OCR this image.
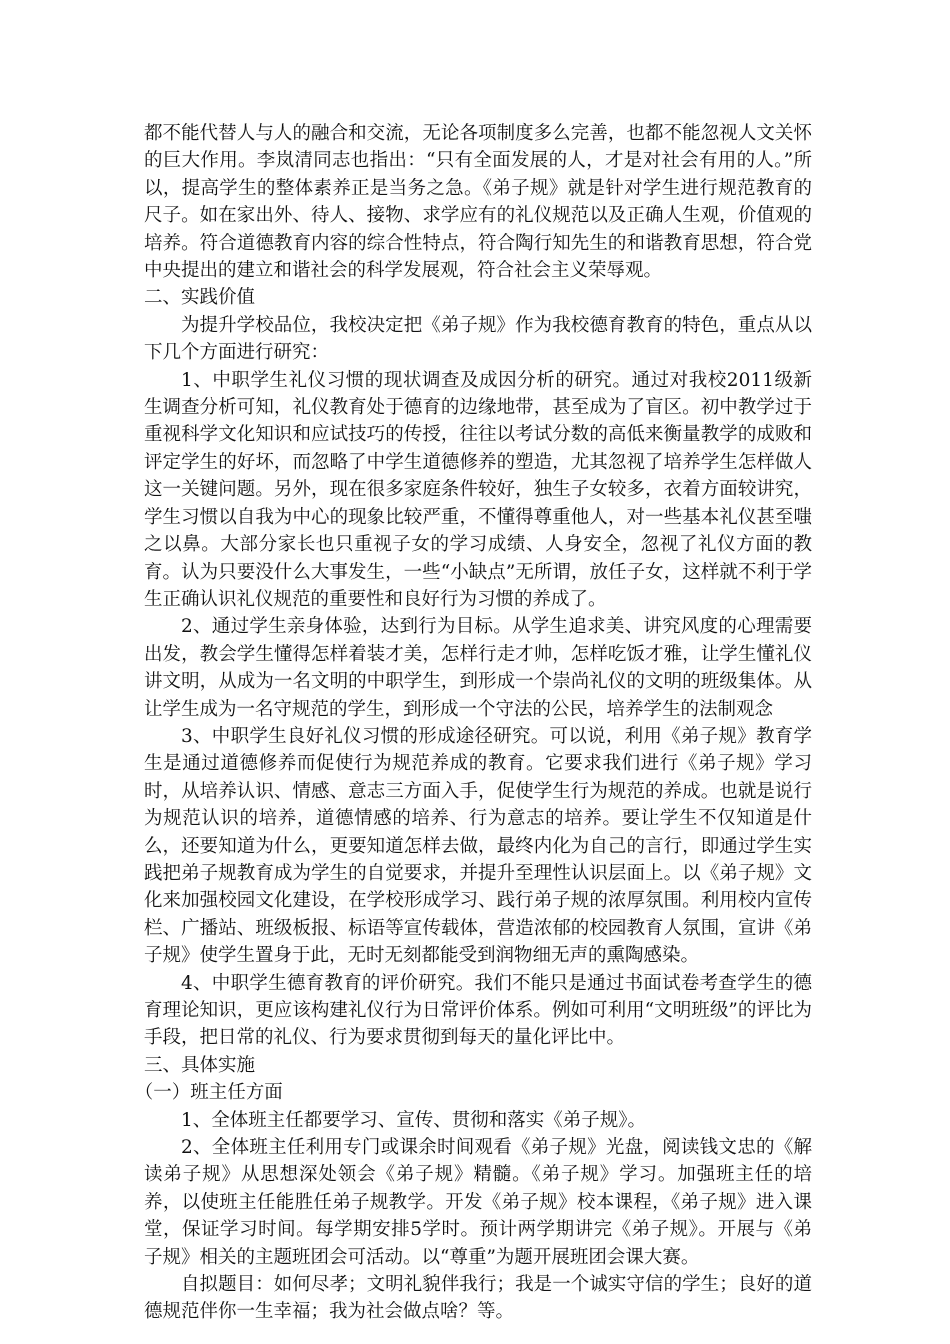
都不能代替人与人的融合和交流，无论各项制度多么完善，也都不能忽视人文关怀的巨大作用。李岚清同志也指出：“只有全面发展的人，才是对社会有用的人。”所以，提高学生的整体素养正是当务之急。《弟子规》就是针对学生进行规范教育的尺子。如在家出外、待人、接物、求学应有的礼仪规范以及正确人生观，价值观的培养。符合道德教育内容的综合性特点，符合陶行知先生的和谐教育思想，符合党中央提出的建立和谐社会的科学发展观，符合社会主义荣辱观。

二、实践价值

为提升学校品位，我校决定把《弟子规》作为我校德育教育的特色，重点从以下几个方面进行研究：

1、中职学生礼仪习惯的现状调查及成因分析的研究。通过对我校2011级新生调查分析可知，礼仪教育处于德育的边缘地带，甚至成为了盲区。初中教学过于重视科学文化知识和应试技巧的传授，往往以考试分数的高低来衡量教学的成败和评定学生的好坏，而忽略了中学生道德修养的塑造，尤其忽视了培养学生怎样做人这一关键问题。另外，现在很多家庭条件较好，独生子女较多，衣着方面较讲究，学生习惯以自我为中心的现象比较严重，不懂得尊重他人，对一些基本礼仪甚至嗤之以鼻。大部分家长也只重视子女的学习成绩、人身安全，忽视了礼仪方面的教育。认为只要没什么大事发生，一些“小缺点”无所谓，放任子女，这样就不利于学生正确认识礼仪规范的重要性和良好行为习惯的养成了。

2、通过学生亲身体验，达到行为目标。从学生追求美、讲究风度的心理需要出发，教会学生懂得怎样着装才美，怎样行走才帅，怎样吃饭才雅，让学生懂礼仪讲文明，从成为一名文明的中职学生，到形成一个崇尚礼仪的文明的班级集体。从让学生成为一名守规范的学生，到形成一个守法的公民，培养学生的法制观念

3、中职学生良好礼仪习惯的形成途径研究。可以说，利用《弟子规》教育学生是通过道德修养而促使行为规范养成的教育。它要求我们进行《弟子规》学习时，从培养认识、情感、意志三方面入手，促使学生行为规范的养成。也就是说行为规范认识的培养，道德情感的培养、行为意志的培养。要让学生不仅知道是什么，还要知道为什么，更要知道怎样去做，最终内化为自己的言行，即通过学生实践把弟子规教育成为学生的自觉要求，并提升至理性认识层面上。以《弟子规》文化来加强校园文化建设，在学校形成学习、践行弟子规的浓厚氛围。利用校内宣传栏、广播站、班级板报、标语等宣传载体，营造浓郁的校园教育人氛围，宣讲《弟子规》使学生置身于此，无时无刻都能受到润物细无声的熏陶感染。

4、中职学生德育教育的评价研究。我们不能只是通过书面试卷考查学生的德育理论知识，更应该构建礼仪行为日常评价体系。例如可利用“文明班级”的评比为手段，把日常的礼仪、行为要求贯彻到每天的量化评比中。

三、具体实施

（一）班主任方面

1、全体班主任都要学习、宣传、贯彻和落实《弟子规》。

2、全体班主任利用专门或课余时间观看《弟子规》光盘，阅读钱文忠的《解读弟子规》从思想深处领会《弟子规》精髓。《弟子规》学习。加强班主任的培养，以使班主任能胜任弟子规教学。开发《弟子规》校本课程，《弟子规》进入课堂，保证学习时间。每学期安排5学时。预计两学期讲完《弟子规》。开展与《弟子规》相关的主题班团会可活动。以“尊重”为题开展班团会课大赛。

自拟题目：如何尽孝；文明礼貌伴我行；我是一个诚实守信的学生；良好的道德规范伴你一生幸福；我为社会做点啥？等。
